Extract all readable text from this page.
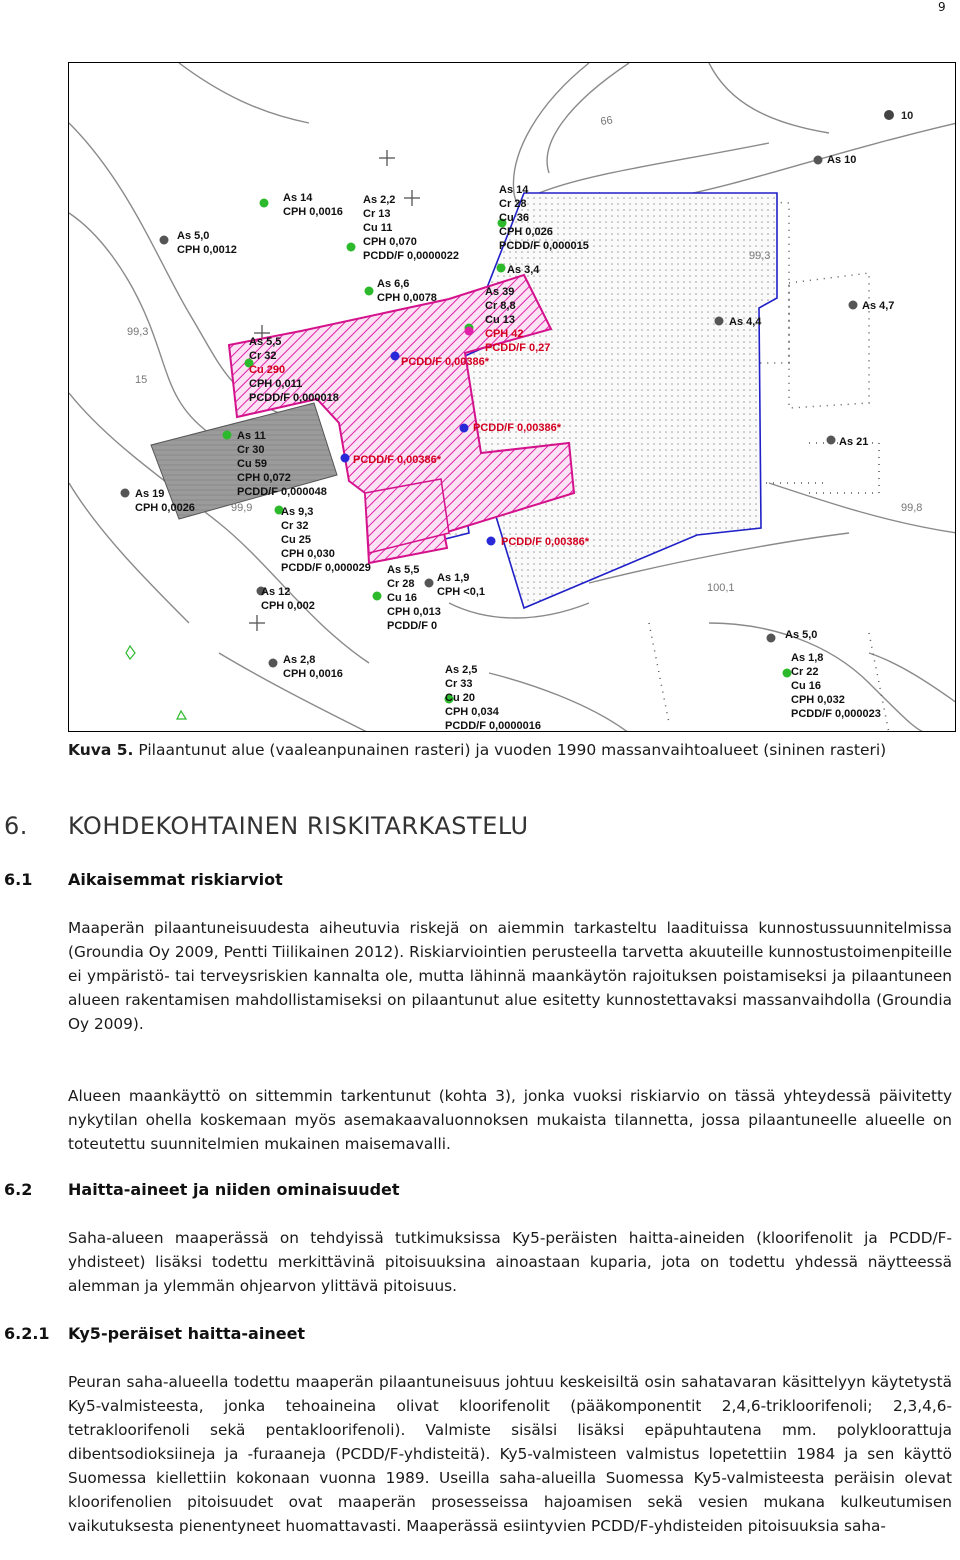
9
66
99,3
15
99,9
100,1
99,8
99,3
10
As 5,0 CPH 0,0012
As 10
As 4,7
As 4,4
As 21
As 19 CPH 0,0026
As 1,9 CPH <0,1
As 12 CPH 0,002
As 2,8 CPH 0,0016
As 5,0
As 14 CPH 0,0016
As 2,2 Cr 13 Cu 11 CPH 0,070 PCDD/F 0,0000022
As 6,6 CPH 0,0078
As 14 Cr 28 Cu 36 CPH 0,026 PCDD/F 0,000015
As 3,4
As 39 Cr 8,8 Cu 13
CPH 42 PCDD/F 0,27
As 5,5 Cr 32 Cu 290 CPH 0,011 PCDD/F 0,000018
As 11 Cr 30 Cu 59 CPH 0,072 PCDD/F 0,000048
As 9,3 Cr 32 Cu 25 CPH 0,030 PCDD/F 0,000029 As 5,5 Cr 28 Cu 16 CPH 0,013 PCDD/F 0
As 2,5 Cr 33 Cu 20 CPH 0,034 PCDD/F 0,0000016
As 1,8 Cr 22 Cu 16 CPH 0,032 PCDD/F 0,000023
PCDD/F 0,00386*
PCDD/F 0,00386*
PCDD/F 0,00386*
PCDD/F 0,00386*
Kuva 5. Pilaantunut alue (vaaleanpunainen rasteri) ja vuoden 1990 massanvaihtoalueet (sininen rasteri)
6. KOHDEKOHTAINEN RISKITARKASTELU
6.1 Aikaisemmat riskiarviot

Maaperän pilaantuneisuudesta aiheutuvia riskejä on aiemmin tarkasteltu laadituissa kunnostussuunnitelmissa (Groundia Oy 2009, Pentti Tiilikainen 2012). Riskiarviointien perusteella tarvetta akuuteille kunnostustoimenpiteille ei ympäristö- tai terveysriskien kannalta ole, mutta lähinnä maankäytön rajoituksen poistamiseksi ja pilaantuneen alueen rakentamisen mahdollistamiseksi on pilaantunut alue esitetty kunnostettavaksi massanvaihdolla (Groundia Oy 2009).

Alueen maankäyttö on sittemmin tarkentunut (kohta 3), jonka vuoksi riskiarvio on tässä yhteydessä päivitetty nykytilan ohella koskemaan myös asemakaavaluonnoksen mukaista tilannetta, jossa pilaantuneelle alueelle on toteutettu suunnitelmien mukainen maisemavalli.

6.2 Haitta-aineet ja niiden ominaisuudet

Saha-alueen maaperässä on tehdyissä tutkimuksissa Ky5-peräisten haitta-aineiden (kloorifenolit ja PCDD/F-yhdisteet) lisäksi todettu merkittävinä pitoisuuksina ainoastaan kuparia, jota on todettu yhdessä näytteessä alemman ja ylemmän ohjearvon ylittävä pitoisuus.

6.2.1 Ky5-peräiset haitta-aineet

Peuran saha-alueella todettu maaperän pilaantuneisuus johtuu keskeisiltä osin sahatavaran käsittelyyn käytetystä Ky5-valmisteesta, jonka tehoaineina olivat kloorifenolit (pääkomponentit 2,4,6-trikloorifenoli; 2,3,4,6-tetrakloorifenoli sekä pentakloorifenoli). Valmiste sisälsi lisäksi epäpuhtautena mm. polykloorattuja dibentsodioksiineja ja -furaaneja (PCDD/F-yhdisteitä). Ky5-valmisteen valmistus lopetettiin 1984 ja sen käyttö Suomessa kiellettiin kokonaan vuonna 1989. Useilla saha-alueilla Suomessa Ky5-valmisteesta peräisin olevat kloorifenolien pitoisuudet ovat maaperän prosesseissa hajoamisen sekä vesien mukana kulkeutumisen vaikutuksesta pienentyneet huomattavasti. Maaperässä esiintyvien PCDD/F-yhdisteiden pitoisuuksia saha-
